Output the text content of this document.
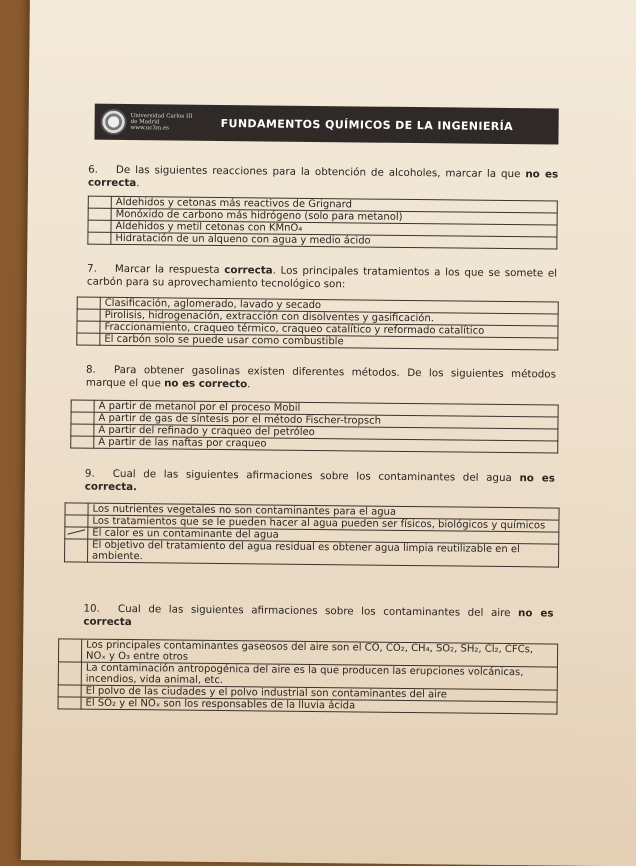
Universidad Carlos III de Madrid
www.uc3m.es	FUNDAMENTOS QUÍMICOS DE LA INGENIERÍA
6. De las siguientes reacciones para la obtención de alcoholes, marcar la que no es correcta.
	Aldehidos y cetonas más reactivos de Grignard
	Monóxido de carbono más hidrógeno (solo para metanol)
	Aldehidos y metil cetonas con KMnO₄
	Hidratación de un alqueno con agua y medio ácido
7. Marcar la respuesta correcta. Los principales tratamientos a los que se somete el carbón para su aprovechamiento tecnológico son:
	Clasificación, aglomerado, lavado y secado
	Pirolisis, hidrogenación, extracción con disolventes y gasificación.
	Fraccionamiento, craqueo térmico, craqueo catalítico y reformado catalítico
	El carbón solo se puede usar como combustible
8. Para obtener gasolinas existen diferentes métodos. De los siguientes métodos marque el que no es correcto.
	A partir de metanol por el proceso Mobil
	A partir de gas de síntesis por el método Fischer-tropsch
	A partir del refinado y craqueo del petróleo
	A partir de las naftas por craqueo
9. Cual de las siguientes afirmaciones sobre los contaminantes del agua no es correcta.
	Los nutrientes vegetales no son contaminantes para el agua
	Los tratamientos que se le pueden hacer al agua pueden ser físicos, biológicos y químicos

	El calor es un contaminante del agua
	El objetivo del tratamiento del agua residual es obtener agua limpia reutilizable en el ambiente.
10. Cual de las siguientes afirmaciones sobre los contaminantes del aire no es correcta
	Los principales contaminantes gaseosos del aire son el CO, CO₂, CH₄, SO₂, SH₂, Cl₂, CFCs, NOₓ y O₃ entre otros
	La contaminación antropogénica del aire es la que producen las erupciones volcánicas, incendios, vida animal, etc.
	El polvo de las ciudades y el polvo industrial son contaminantes del aire
	El SO₂ y el NOₓ son los responsables de la lluvia ácida
